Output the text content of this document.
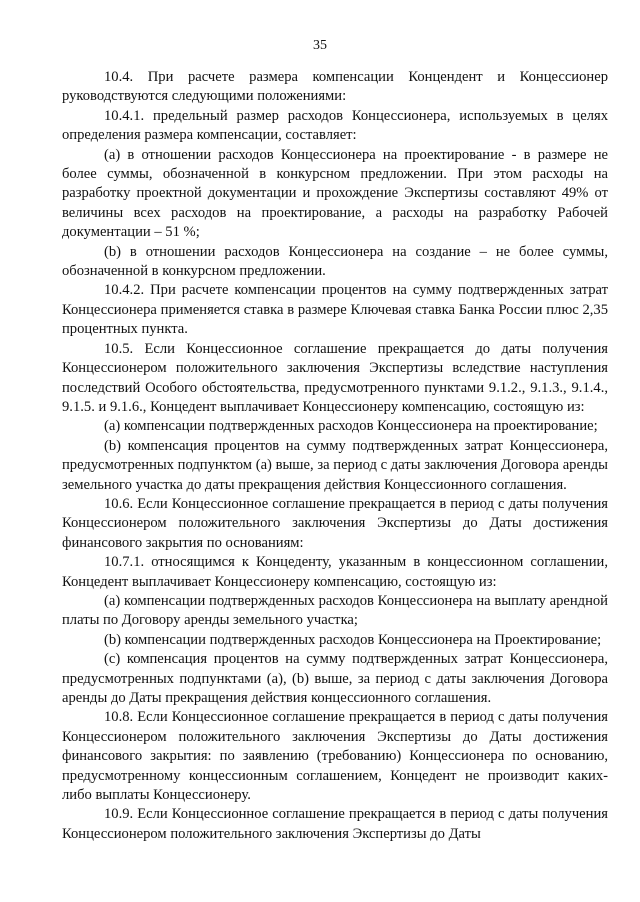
35

10.4. При расчете размера компенсации Концендент и Концессионер руководствуются следующими положениями:

10.4.1. предельный размер расходов Концессионера, используемых в целях определения размера компенсации, составляет:

(a) в отношении расходов Концессионера на проектирование - в размере не более суммы, обозначенной в конкурсном предложении. При этом расходы на разработку проектной документации и прохождение Экспертизы составляют 49% от величины всех расходов на проектирование, а расходы на разработку Рабочей документации – 51 %;

(b) в отношении расходов Концессионера на создание – не более суммы, обозначенной в конкурсном предложении.

10.4.2. При расчете компенсации процентов на сумму подтвержденных затрат Концессионера применяется ставка в размере Ключевая ставка Банка России плюс 2,35 процентных пункта.

10.5. Если Концессионное соглашение прекращается до даты получения Концессионером положительного заключения Экспертизы вследствие наступления последствий Особого обстоятельства, предусмотренного пунктами 9.1.2., 9.1.3., 9.1.4., 9.1.5. и 9.1.6., Концедент выплачивает Концессионеру компенсацию, состоящую из:

(a) компенсации подтвержденных расходов Концессионера на проектирование;

(b) компенсация процентов на сумму подтвержденных затрат Концессионера, предусмотренных подпунктом (a) выше, за период с даты заключения Договора аренды земельного участка до даты прекращения действия Концессионного соглашения.

10.6. Если Концессионное соглашение прекращается в период с даты получения Концессионером положительного заключения Экспертизы до Даты достижения финансового закрытия по основаниям:

10.7.1. относящимся к Концеденту, указанным в концессионном соглашении, Концедент выплачивает Концессионеру компенсацию, состоящую из:

(a) компенсации подтвержденных расходов Концессионера на выплату арендной платы по Договору аренды земельного участка;

(b) компенсации подтвержденных расходов Концессионера на Проектирование;

(c) компенсация процентов на сумму подтвержденных затрат Концессионера, предусмотренных подпунктами (a), (b) выше, за период с даты заключения Договора аренды до Даты прекращения действия концессионного соглашения.

10.8. Если Концессионное соглашение прекращается в период с даты получения Концессионером положительного заключения Экспертизы до Даты достижения финансового закрытия: по заявлению (требованию) Концессионера по основанию, предусмотренному концессионным соглашением, Концедент не производит каких-либо выплаты Концессионеру.

10.9. Если Концессионное соглашение прекращается в период с даты получения Концессионером положительного заключения Экспертизы до Даты
